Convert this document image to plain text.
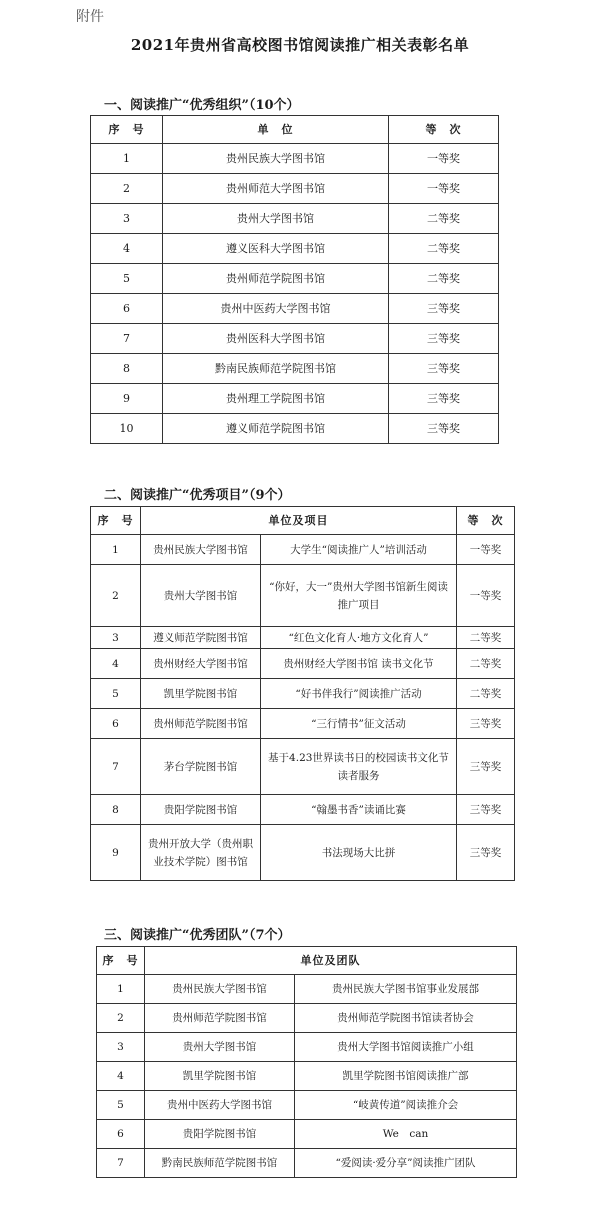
附件
2021年贵州省高校图书馆阅读推广相关表彰名单
一、阅读推广“优秀组织”（10个）
序　号	单　位	等　次
1	贵州民族大学图书馆	一等奖
2	贵州师范大学图书馆	一等奖
3	贵州大学图书馆	二等奖
4	遵义医科大学图书馆	二等奖
5	贵州师范学院图书馆	二等奖
6	贵州中医药大学图书馆	三等奖
7	贵州医科大学图书馆	三等奖
8	黔南民族师范学院图书馆	三等奖
9	贵州理工学院图书馆	三等奖
10	遵义师范学院图书馆	三等奖
二、阅读推广“优秀项目”（9个）
序　号	单位及项目		等　次
1	贵州民族大学图书馆	大学生“阅读推广人”培训活动	一等奖
2	贵州大学图书馆	“你好，大一”贵州大学图书馆新生阅读推广项目	一等奖
3	遵义师范学院图书馆	“红色文化育人·地方文化育人”	二等奖
4	贵州财经大学图书馆	贵州财经大学图书馆 读书文化节	二等奖
5	凯里学院图书馆	“好书伴我行”阅读推广活动	二等奖
6	贵州师范学院图书馆	“三行情书”征文活动	三等奖
7	茅台学院图书馆	基于4.23世界读书日的校园读书文化节读者服务	三等奖
8	贵阳学院图书馆	“翰墨书香”读诵比赛	三等奖
9	贵州开放大学（贵州职业技术学院）图书馆	书法现场大比拼	三等奖
三、阅读推广“优秀团队”（7个）
序　号	单位及团队	
1	贵州民族大学图书馆	贵州民族大学图书馆事业发展部
2	贵州师范学院图书馆	贵州师范学院图书馆读者协会
3	贵州大学图书馆	贵州大学图书馆阅读推广小组
4	凯里学院图书馆	凯里学院图书馆阅读推广部
5	贵州中医药大学图书馆	“岐黄传道”阅读推介会
6	贵阳学院图书馆	We　can
7	黔南民族师范学院图书馆	“爱阅读·爱分享”阅读推广团队
